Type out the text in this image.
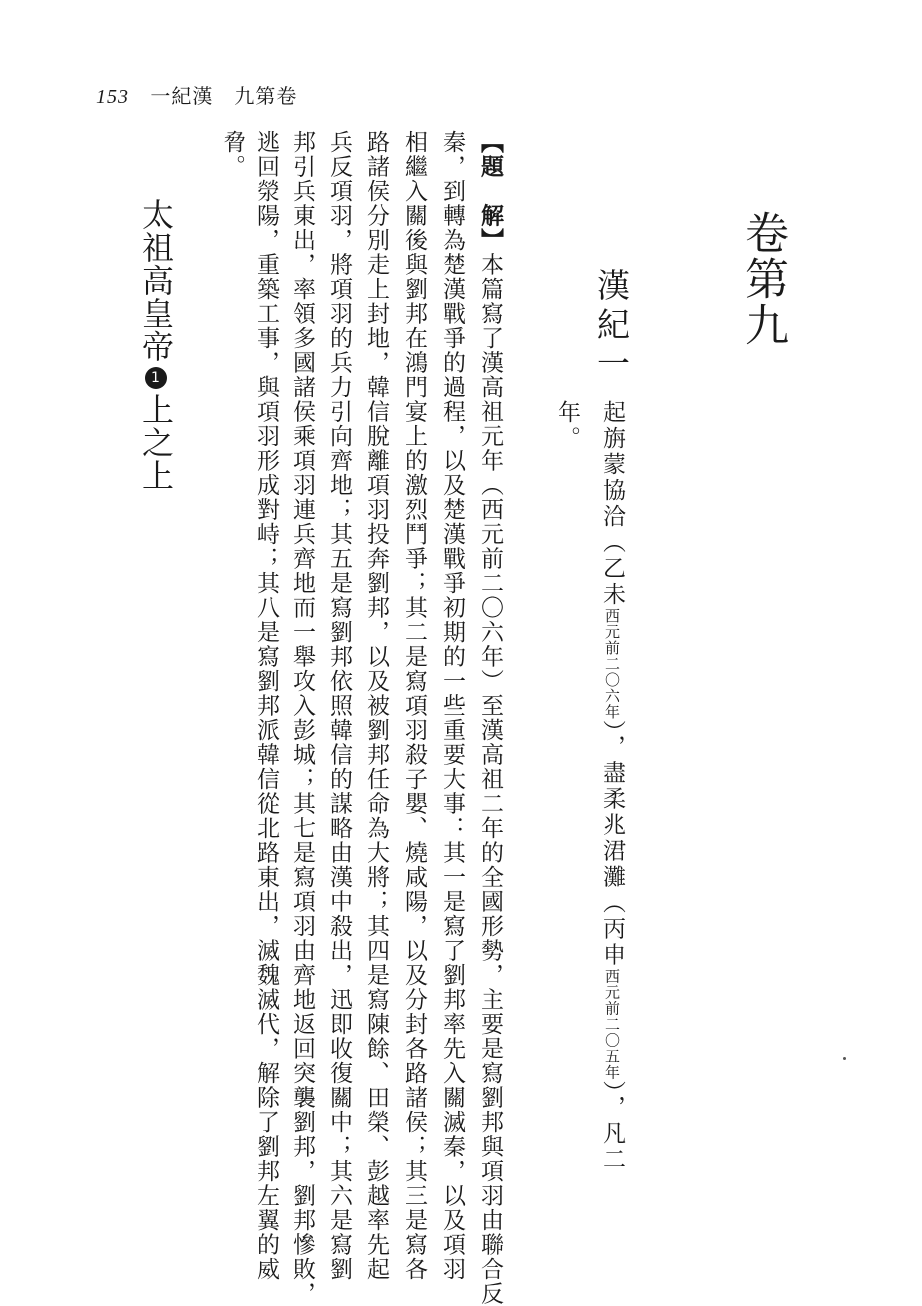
153 一紀漢　九第卷
卷第九
漢紀一
起旃蒙協洽（乙未西元前二〇六年），盡柔兆涒灘（丙申西元前二〇五年），凡二
年。
【題　解】本篇寫了漢高祖元年（西元前二〇六年）至漢高祖二年的全國形勢，主要是寫劉邦與項羽由聯合反
秦，到轉為楚漢戰爭的過程，以及楚漢戰爭初期的一些重要大事：其一是寫了劉邦率先入關滅秦，以及項羽
相繼入關後與劉邦在鴻門宴上的激烈鬥爭；其二是寫項羽殺子嬰、燒咸陽，以及分封各路諸侯；其三是寫各
路諸侯分別走上封地，韓信脫離項羽投奔劉邦，以及被劉邦任命為大將；其四是寫陳餘、田榮、彭越率先起
兵反項羽，將項羽的兵力引向齊地；其五是寫劉邦依照韓信的謀略由漢中殺出，迅即收復關中；其六是寫劉
邦引兵東出，率領多國諸侯乘項羽連兵齊地而一舉攻入彭城；其七是寫項羽由齊地返回突襲劉邦，劉邦慘敗，
逃回滎陽，重築工事，與項羽形成對峙；其八是寫劉邦派韓信從北路東出，滅魏滅代，解除了劉邦左翼的威
脅。
太祖高皇帝1上之上
